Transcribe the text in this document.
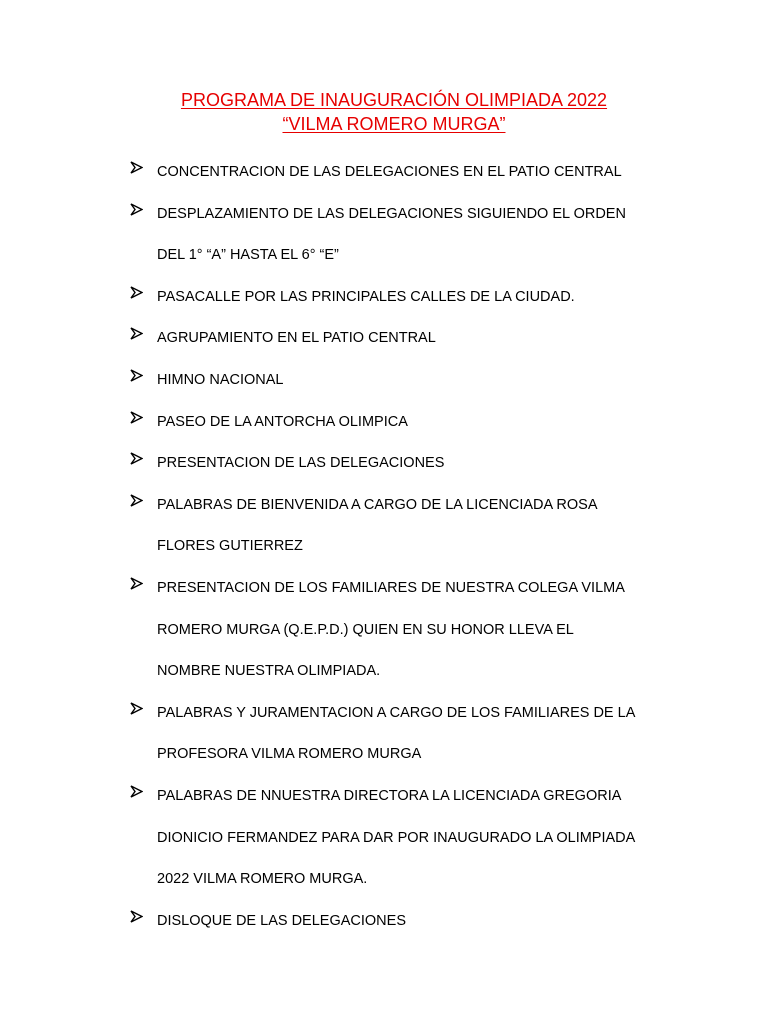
PROGRAMA DE INAUGURACIÓN OLIMPIADA 2022
“VILMA ROMERO MURGA”
CONCENTRACION DE LAS DELEGACIONES EN EL PATIO CENTRAL
DESPLAZAMIENTO DE LAS DELEGACIONES SIGUIENDO EL ORDEN
DEL 1° “A” HASTA EL 6° “E”
PASACALLE POR LAS PRINCIPALES CALLES DE LA CIUDAD.
AGRUPAMIENTO EN EL PATIO CENTRAL
HIMNO NACIONAL
PASEO DE LA ANTORCHA OLIMPICA
PRESENTACION DE LAS DELEGACIONES
PALABRAS DE BIENVENIDA A CARGO DE LA LICENCIADA ROSA
FLORES GUTIERREZ
PRESENTACION DE LOS FAMILIARES DE NUESTRA COLEGA VILMA
ROMERO MURGA (Q.E.P.D.) QUIEN EN SU HONOR LLEVA EL
NOMBRE NUESTRA OLIMPIADA.
PALABRAS Y JURAMENTACION A CARGO DE LOS FAMILIARES DE LA
PROFESORA VILMA ROMERO MURGA
PALABRAS DE NNUESTRA DIRECTORA LA LICENCIADA GREGORIA
DIONICIO FERMANDEZ PARA DAR POR INAUGURADO LA OLIMPIADA
2022 VILMA ROMERO MURGA.
DISLOQUE DE LAS DELEGACIONES
